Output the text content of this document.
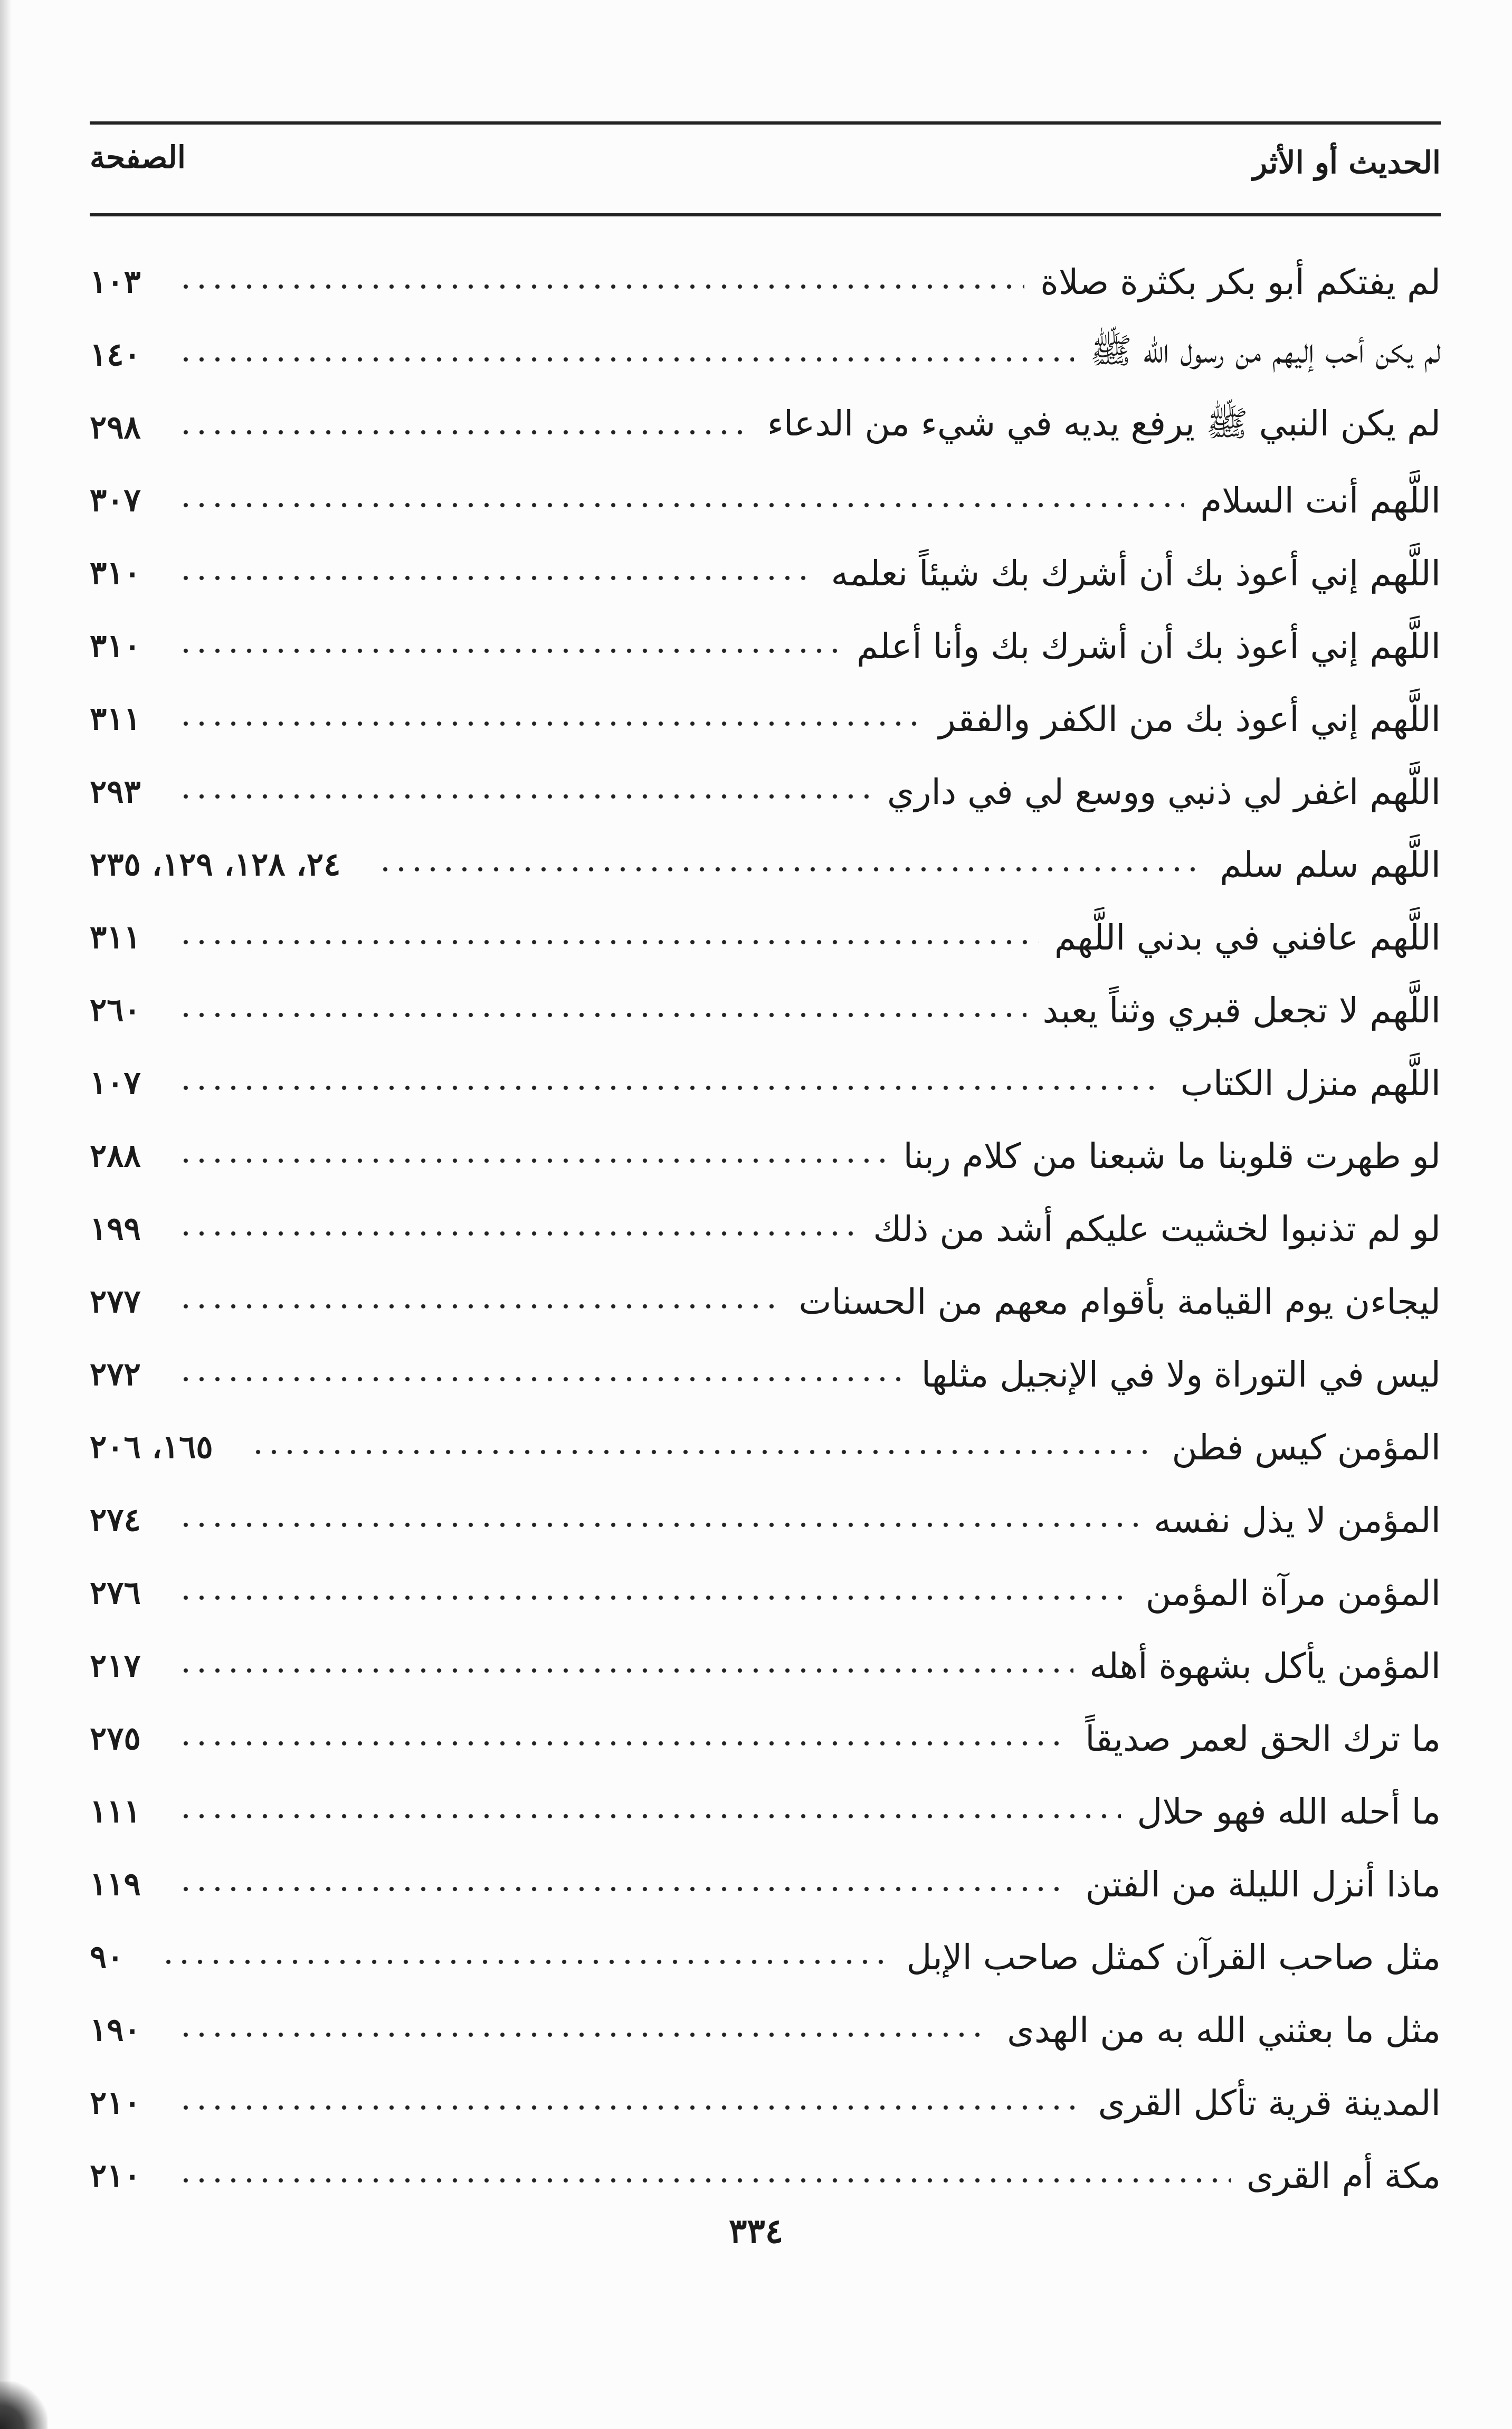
الحديث أو الأثر
الصفحة
لم يفتكم أبو بكر بكثرة صلاة
١٠٣
لم يكن أحب إليهم من رسول الله ﷺ
١٤٠
لم يكن النبي ﷺ يرفع يديه في شيء من الدعاء
٢٩٨
اللَّهم أنت السلام
٣٠٧
اللَّهم إني أعوذ بك أن أشرك بك شيئاً نعلمه
٣١٠
اللَّهم إني أعوذ بك أن أشرك بك وأنا أعلم
٣١٠
اللَّهم إني أعوذ بك من الكفر والفقر
٣١١
اللَّهم اغفر لي ذنبي ووسع لي في داري
٢٩٣
اللَّهم سلم سلم
٢٤، ١٢٨، ١٢٩، ٢٣٥
اللَّهم عافني في بدني اللَّهم
٣١١
اللَّهم لا تجعل قبري وثناً يعبد
٢٦٠
اللَّهم منزل الكتاب
١٠٧
لو طهرت قلوبنا ما شبعنا من كلام ربنا
٢٨٨
لو لم تذنبوا لخشيت عليكم أشد من ذلك
١٩٩
ليجاءن يوم القيامة بأقوام معهم من الحسنات
٢٧٧
ليس في التوراة ولا في الإنجيل مثلها
٢٧٢
المؤمن كيس فطن
١٦٥، ٢٠٦
المؤمن لا يذل نفسه
٢٧٤
المؤمن مرآة المؤمن
٢٧٦
المؤمن يأكل بشهوة أهله
٢١٧
ما ترك الحق لعمر صديقاً
٢٧٥
ما أحله الله فهو حلال
١١١
ماذا أنزل الليلة من الفتن
١١٩
مثل صاحب القرآن كمثل صاحب الإبل
٩٠
مثل ما بعثني الله به من الهدى
١٩٠
المدينة قرية تأكل القرى
٢١٠
مكة أم القرى
٢١٠
٣٣٤
